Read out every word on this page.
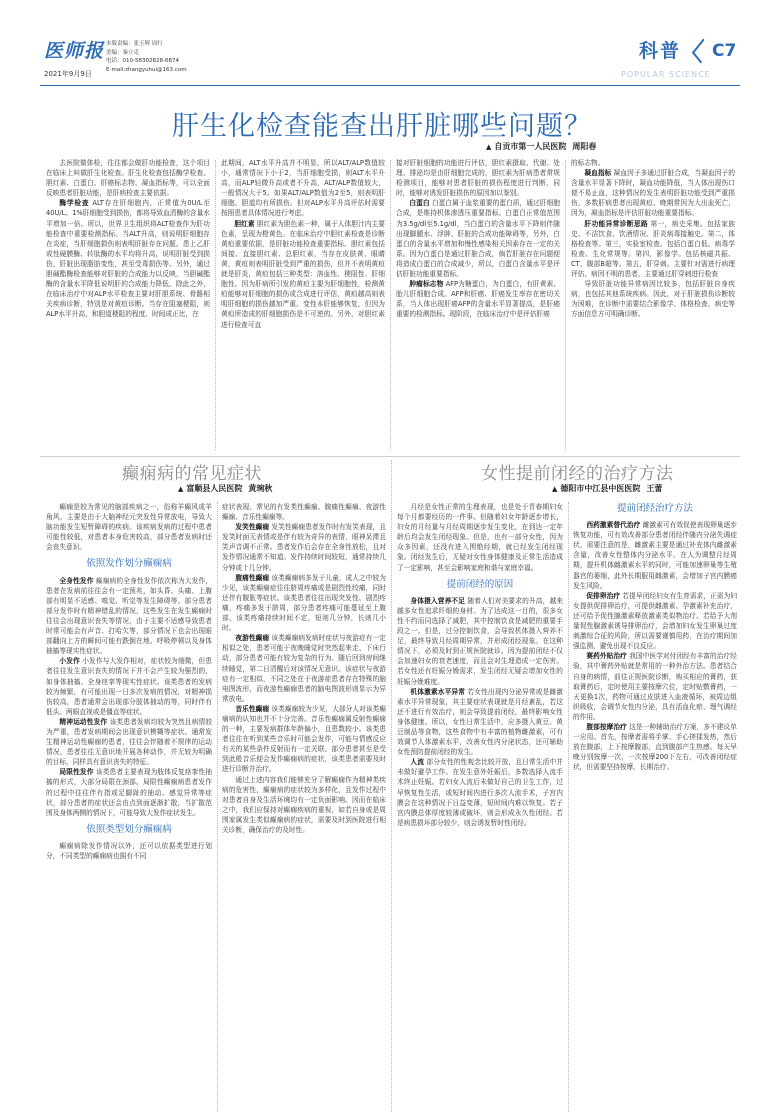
医师报 本版责编：张玉辉 周行
美编：秦立克
电话：010-58302828-6874
E-mail:zhangyuhui@163.com
2021年9月9日
科普
POPULAR SCIENCE
C7
肝生化检查能查出肝脏哪些问题？
▲ 自贡市第一人民医院 周阳春

去医院做体检，往往都会做肝功能检查，这个项目在临床上叫做肝生化检查。肝生化检查包括酶学检查、胆红素、白蛋白、肝癌标志物、凝血指标等，可以全面反映患者肝脏功能，是肝病检查主要依据。

酶学检查 ALT存在肝细胞内，正常值为0U/L至40U/L。1%肝细胞受到损伤，都将导致血清酶的含量水平增加一倍。所以，世界卫生组织将ALT检查作为肝功能检查中重要检测指标。当ALT升高，则说明肝细胞存在炎症，当肝细胞损伤则表明肝脏存在问题。患上乙肝或性硬膜酶、转肽酶的水平均将升高，说明肝脏受到损伤，肝脏出现脂肪变性，甚至受毒损伤等。另外，通过胆碱酯酶检查能够对肝脏的合成能力以反映，当胆碱酯酶的含量水平降低说明肝的合成能力降低。除此之外，在临床治疗中对ALP水平检查主要对肝胆系统、骨骼相关疾病诊断，特别是对黄疸诊断。当存在阻塞梗阻，则ALP水平升高，和胆道梗阻的程度、时间成正比，在

此期间，ALT水平升高并不明显，所以ALT/ALP数值较小，通常情况下小于2，当肝细胞受损，则ALT水平升高，而ALP轻微升高或者不升高，ALT/ALP数值较大，一般情况大于5。如果ALT/ALP数值为2至5，则表明肝细胞、胆道均有所损伤。但对ALP水平升高评估时需要按照患者具体情况进行考虑。

胆红素 胆红素为胆色素一种，属于人体胆汁内主要色素，呈现为橙黄色。在临床治疗中胆红素检查是诊断黄疸重要依据，是肝脏功能检查重要指标。胆红素包括间接、直接胆红素、总胆红素，当存在皮肤黄、眼睛黄，黄疸则表明肝脏受到严重的损伤，但并不表明黄疸就是肝炎，黄疸包括三种类型：溶血性、梗阻性、肝细胞性。因为肝病所引发的黄疸主要为肝细胞性，检测黄疸能够对肝细胞的损伤或合成进行评估，黄疸越高则表明肝细胞的损伤越加严重。变性本肝能够恢复，但因为黄疸所造成的肝细胞损伤是不可逆的。另外，对胆红素进行检查可直

接对肝脏细胞的功能进行评估，胆红素摄取、代谢、处理、排泌均是由肝细胞完成的，胆红素为肝病患者常规检测项目，能够对患者肝脏的损伤程度进行判断，同时，能够对诱发肝脏损伤的原因加以鉴别。

白蛋白 白蛋白属于血浆重要的蛋白质，通过肝细胞合成，是维持机体渗透压重要指标。白蛋白正常值范围为3.5g/dl至5.1g/dl，当白蛋白的含量水平下降则伴随出现脚腫水、浮肿、肝脏的合成功能障碍等，另外，白蛋白的含量水平增加和慢性感染相关因素存在一定的关系。因为白蛋白是通过肝脏合成，倘若肝脏存在问题便将造成白蛋白的合成减少，所以，白蛋白含量水平是评估肝脏功能重要指标。

肿瘤标志物 AFP为糖蛋白，为白蛋白，有肝黄素、胎儿肝细胞合成。AFP和肝癌、肝癌发生率存在密切关系，当人体出现肝癌AFP的含量水平显著提高，是肝癌重要的检测指标。现阶段，在临床治疗中是评估肝癌

的标志物。

凝血指标 凝血因子多通过肝脏合成，当凝血因子的含量水平显著下降时，凝血功能降低，当人体出现伤口便不易止血，这种情况的发生表明肝脏功能受到严重损伤，多数肝病患者出现黄疸、晚期常因为大出血死亡，因为，凝血指标是评估肝脏功能重要指标。

肝功能异常诊断思路 第一，病史采集。包括家族史、不洁饮食、饮酒情况、肝炎病毒接触史。第二，体格检查等。第三，实验室检查。包括白蛋白低、病毒学检查、生化常规等。第四，影像学。包括核磁共振、CT、腹部B超等。第五，肝穿刺。主要针对需进行病理评估、病因不明的患者，主要通过肝穿刺进行检查

导致肝脏功能异常病因比较多，包括肝脏自身疾病，也包括其他系统疾病。因此，对于肝脏损伤诊断较为困难，在诊断中需要结合影像学、体格检查、病史等方面信息方可明确诊断。

癫痫病的常见症状
▲ 富顺县人民医院 黄琬秋

癫痫是较为常见的脑部疾病之一，俗称羊癫风或羊角风，主要是由于大脑神经元突发性异常放电，导致大脑功能发生短暂障碍的疾病。该疾病发病的过程中患者可能性较低，对患者本身危害较高，部分患者发病时还会丧失意识。

依照发作划分癫痫病

全身性发作 癫痫病的全身性发作依次称为大发作，患者在发病前往往会有一定预兆，如头昏、头痛、上腹部有明显不适感、嗅觉、听觉等发生障碍等。部分患者部分发作时有精神错乱的情况，这些发生在发生癫痫时往往会出现意识丧失等情况，由于主要不适感导致患者时常可能会有声音、打哈欠等，部分情况下也会出现眼部翻向上方的瞬间可能有跌倒在地、呼吸停顿以及身体抽搐等现实性症状。

小发作 小发作与大发作相对，症状较为细微，但患者往往发生意识丧失的情况下并不会产生较为强烈的，如身体抽搐、全身痉挛等现实性症状。该类患者的发病较为频繁，有可能出现一日多次发病的情况，对精神损伤较高，患者通常会出现部分肢体抽动的等，同时伴有低头、两眼直视或是僵直等症状。

精神运动性发作 该类患者发病均较为突然且病情较为严重，患者发病期间会出现意识模糊等症状。通常发生精神运动性癫痫的患者，往往会伴随着不规律的运动情况，患者往往无意识地开展各种动作，并无较为明确的目标，同样具有意识丧失的特征。

局限性发作 该类患者主要表现为肢体反复痉挛性抽搐的形式，大部分局限在颈部。局限性癫痫病患者发作的过程中往往伴有指或足脚趾的抽动、感觉异常等症状，部分患者的症状还会由点到面逐渐扩散，当扩散范围及身体两侧的情况下，可能导致大发作症状发生。

依照类型划分癫痫病

癫痫病除发作情况以外，还可以依据类型进行划分，不同类型的癫痫病也拥有不同

症状表现。常见的有发类性癫痫、腹痛性癫痫、夜游性癫痫、音乐性癫痫等。

发笑性癫痫 发笑性癫痫患者发作时有发笑表现，且发笑时面无表情或是伴有较为奇异的表情，眼神呆滞且笑声音调不正常。患者发作后会存在全身性放松，且对发作情况通常不知道。发作持续时间较短，通常持续几分钟或十几分钟。

腹痛性癫痫 该类癫痫病多发于儿童，成人之中较为少见，该类癫痫症往往脐周疼痛或是剧烈性绞痛，同时还伴有腹胀等症状。该类患者往往出现突发性、剧烈疼痛，疼痛多发于脐周，部分患者疼痛可能蔓延至上腹部，该类疼痛持续时间不定，短则几分钟，长则几小时。

夜游性癫痫 该类癫痫病发病时症状与夜游症有一定相似之处，患者可能于夜晚睡觉时突然起来走、下床行动，部分患者可能有较为复杂的行为。随后回到房间继续睡觉，第二日清醒后对该情况无意识。该症状与夜游症有一定相似，不同之处在于夜游症患者存在特殊的脑电图波形，而夜游性癫痫患者的脑电图波形则显示为异常放电。

音乐性癫痫 该类癫痫较为少见，大部分人对该类癫痫病的认知也并不十分完善。音乐性癫痫属反射性癫痫的一种，主要发病群体年龄偏小，且患数较小。该类患者往往在听到某些音乐时可能会发作，可能与情感反应有关的某些条件反射而有一定关联。部分患者甚至是受到此般音乐便会发作癫痫病的症状，该类患者需要及时进行诊断并治疗。

通过上述内容我们能够充分了解癫痫作为精神类疾病的危害性，癫痫病的症状较为多样化，且发作过程中对患者自身及生活环境均有一定负面影响。因而在临床之中，我们应保持对癫痫疾病的重视，如若自身或是周围家属发生类似癫痫病的症状，需要及时到医院进行相关诊断，确保治疗的及时性。

女性提前闭经的治疗方法
▲ 德阳市中江县中医医院 王蕾

月经是女性正常的生理表现，也是处于青春期妇女每个月都要经历的一件事。但随着妇女年龄逐步增长，妇女的月经量与月经周期逐步发生变化，在到达一定年龄后均会发生闭经现象。但是，也有一部分女性，因为众多因素，还没有进入围绝经期，就已经发生闭经现象。闭经发生后，无疑对女性身体健康及正常生活造成了一定影响，甚至会影响家庭和谐与家庭幸福。

提前闭经的原因

身体摄入营养不足 随着人们对美要求的升高，越来越多女性追求纤细的身材。为了达成这一目的，很多女性不约而同选择了减肥，其中控制饮食是减肥的重要手段之一。但是，过分控制饮食，会导致机体摄入营养不足，最终导致月经周期异常，并形成闭经现象。在这种情况下，必须及时到正规医院就诊。因为提前闭经不仅会加速妇女的衰老速度，而且会对生理造成一定伤害。若女性还有妊娠分娩需求，发生闭经无疑会增加女性的妊娠分娩难度。

机体激素水平异常 若女性出现内分泌异常或是雌激素水平异常现象，其主要症状表现就是月经紊乱，若这还不进行有效治疗，则会导致提前闭经，最终影响女性身体健康。所以，女性日常生活中，应多摄入黄豆、黄豆制品等食物，这些食物中有丰富的植物雌激素，可有效调节人体激素水平，改善女性内分泌状态，还可辅助女性预防提前闭经的发生。

人流 部分女性的性观念比较开放，且日常生活中并未做好避孕工作。在发生意外妊娠后，多数选择人流手术终止妊娠。若妇女人流后未做好自己的卫生工作，过早恢复性生活，或短时间内进行多次人流手术，子宫内膜会在这种情况下日益变薄，短时间内难以恢复。若子宫内膜总体厚度较薄或破坏，则会形成永久性闭经。若是病患损坏部分较少，则会诱发暂时性闭经。

提前闭经治疗方法

西药激素替代治疗 雌激素可有效促使表现卵巢逐步恢复功能，可有效改善部分患者闭经伴随内分泌失调症状，需要注意的是，雌激素主要是通过补充体内雌激素含量，改善女性整体内分泌水平。在人为调整月经周期，提升机体雌激素水平的同时，可能加速卵巢等生殖器官的萎缩，此外长期服用雌激素，会增加子宫内膜癌发生风险。

促排卵治疗 若提早闭经妇女有生育需求，正需为妇女提供促排卵治疗，可提供雌激素、孕激素补充治疗，还可给予促性腺激素释放激素类似物治疗。若给予大剂量促性腺激素诱导排卵治疗，会增加妇女发生卵巢过度刺激综合征的风险，所以需要谨慎用药，在治疗期间加强监测，避免出现不良反应。

赛药外贴治疗 我国中医学对付闭经有丰富的治疗经验，其中膏药外贴就是常用的一种外治方法。患者结合自身的病情，前往正规医院诊断，购买相应的膏药，获取膏药后，定时使用主要按摩穴位，定时贴敷膏药，一天更换1次，药物可通过皮肤进入血液循环，被周边组织吸收，会调节女性内分泌，具有活血化瘀、理气调经的作用。

腹部按摩治疗 这是一种辅助治疗方案，多不建议单一应用。首先，按摩者需将手掌、手心搓揉发热，然后放在腹部，上下按摩腹部，直到腹部产生热感。每天早晚分别按摩一次，一次按摩200下左右，可改善闭经症状，但需要坚持按摩，长期治疗。
